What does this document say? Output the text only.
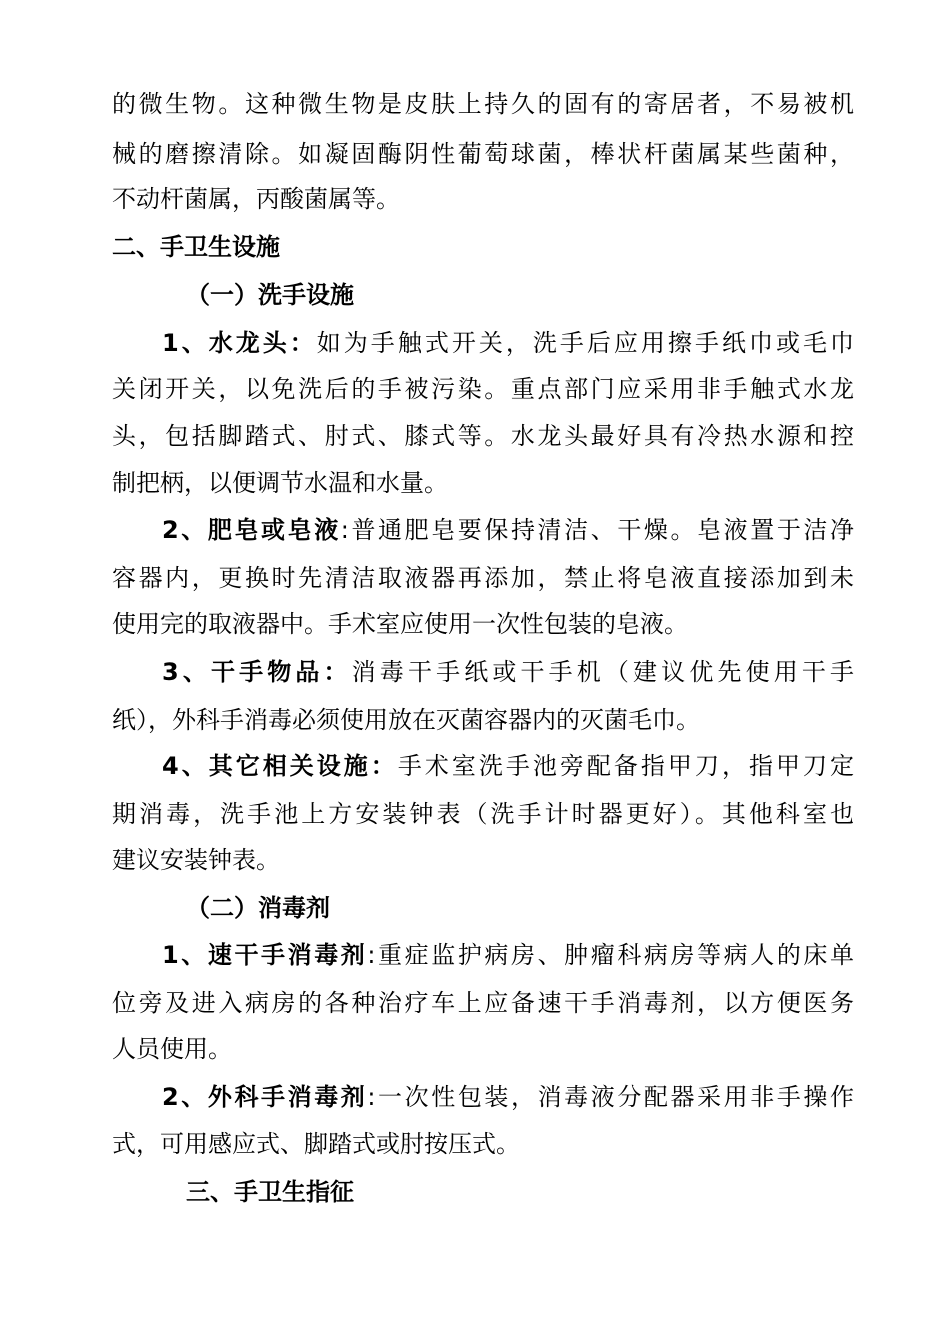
的微生物。这种微生物是皮肤上持久的固有的寄居者，不易被机
械的磨擦清除。如凝固酶阴性葡萄球菌，棒状杆菌属某些菌种，
不动杆菌属，丙酸菌属等。
二、手卫生设施
（一）洗手设施
1、水龙头：如为手触式开关，洗手后应用擦手纸巾或毛巾
关闭开关，以免洗后的手被污染。重点部门应采用非手触式水龙
头，包括脚踏式、肘式、膝式等。水龙头最好具有冷热水源和控
制把柄，以便调节水温和水量。
2、肥皂或皂液:普通肥皂要保持清洁、干燥。皂液置于洁净
容器内，更换时先清洁取液器再添加，禁止将皂液直接添加到未
使用完的取液器中。手术室应使用一次性包装的皂液。
3、干手物品：消毒干手纸或干手机（建议优先使用干手
纸），外科手消毒必须使用放在灭菌容器内的灭菌毛巾。
4、其它相关设施：手术室洗手池旁配备指甲刀，指甲刀定
期消毒，洗手池上方安装钟表（洗手计时器更好）。其他科室也
建议安装钟表。
（二）消毒剂
1、速干手消毒剂:重症监护病房、肿瘤科病房等病人的床单
位旁及进入病房的各种治疗车上应备速干手消毒剂，以方便医务
人员使用。
2、外科手消毒剂:一次性包装，消毒液分配器采用非手操作
式，可用感应式、脚踏式或肘按压式。
三、手卫生指征
